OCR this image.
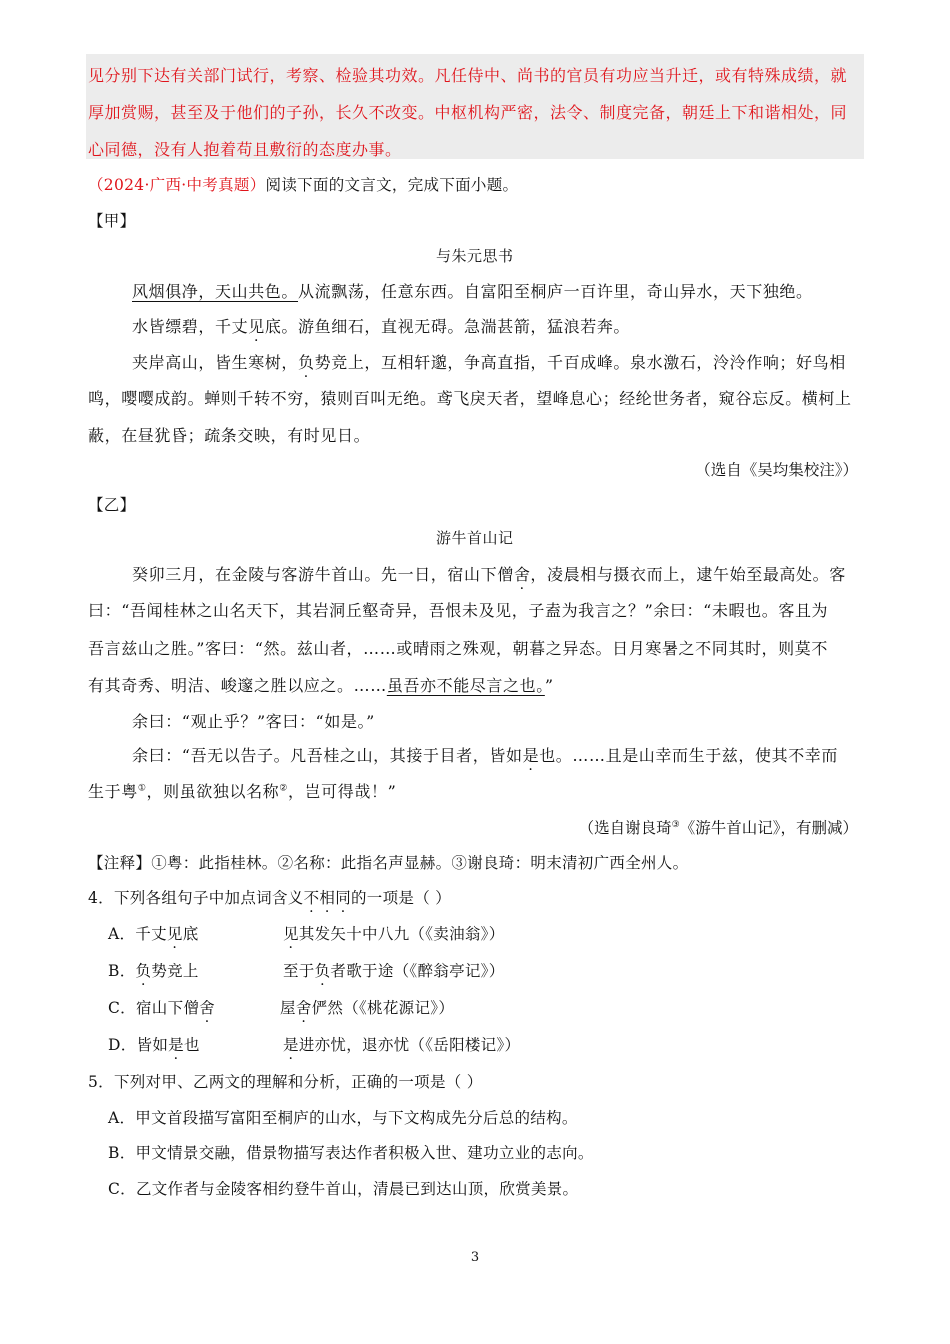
见分别下达有关部门试行，考察、检验其功效。凡任侍中、尚书的官员有功应当升迁，或有特殊成绩，就
厚加赏赐，甚至及于他们的子孙，长久不改变。中枢机构严密，法令、制度完备，朝廷上下和谐相处，同
心同德，没有人抱着苟且敷衍的态度办事。
（2024·广西·中考真题）阅读下面的文言文，完成下面小题。
【甲】
与朱元思书
风烟俱净，天山共色。从流飘荡，任意东西。自富阳至桐庐一百许里，奇山异水，天下独绝。
水皆缥碧，千丈见底。游鱼细石，直视无碍。急湍甚箭，猛浪若奔。
夹岸高山，皆生寒树，负势竞上，互相轩邈，争高直指，千百成峰。泉水激石，泠泠作响；好鸟相
鸣，嘤嘤成韵。蝉则千转不穷，猿则百叫无绝。鸢飞戾天者，望峰息心；经纶世务者，窥谷忘反。横柯上
蔽，在昼犹昏；疏条交映，有时见日。
（选自《吴均集校注》）
【乙】
游牛首山记
癸卯三月，在金陵与客游牛首山。先一日，宿山下僧舍，凌晨相与摄衣而上，逮午始至最高处。客
曰：“吾闻桂林之山名天下，其岩洞丘壑奇异，吾恨未及见，子盍为我言之？”余曰：“未暇也。客且为
吾言兹山之胜。”客曰：“然。兹山者，……或晴雨之殊观，朝暮之异态。日月寒暑之不同其时，则莫不
有其奇秀、明洁、峻邃之胜以应之。……虽吾亦不能尽言之也。”
余曰：“观止乎？”客曰：“如是。”
余曰：“吾无以告子。凡吾桂之山，其接于目者，皆如是也。……且是山幸而生于兹，使其不幸而
生于粤①，则虽欲独以名称②，岂可得哉！”
（选自谢良琦③《游牛首山记》，有删减）
【注释】①粤：此指桂林。②名称：此指名声显赫。③谢良琦：明末清初广西全州人。
4．下列各组句子中加点词含义不相同的一项是（ ）
A．千丈见底	见其发矢十中八九（《卖油翁》）
B．负势竞上	至于负者歌于途（《醉翁亭记》）
C．宿山下僧舍	屋舍俨然（《桃花源记》）
D．皆如是也	是进亦忧，退亦忧（《岳阳楼记》）
5．下列对甲、乙两文的理解和分析，正确的一项是（ ）
A．甲文首段描写富阳至桐庐的山水，与下文构成先分后总的结构。
B．甲文情景交融，借景物描写表达作者积极入世、建功立业的志向。
C．乙文作者与金陵客相约登牛首山，清晨已到达山顶，欣赏美景。
3
